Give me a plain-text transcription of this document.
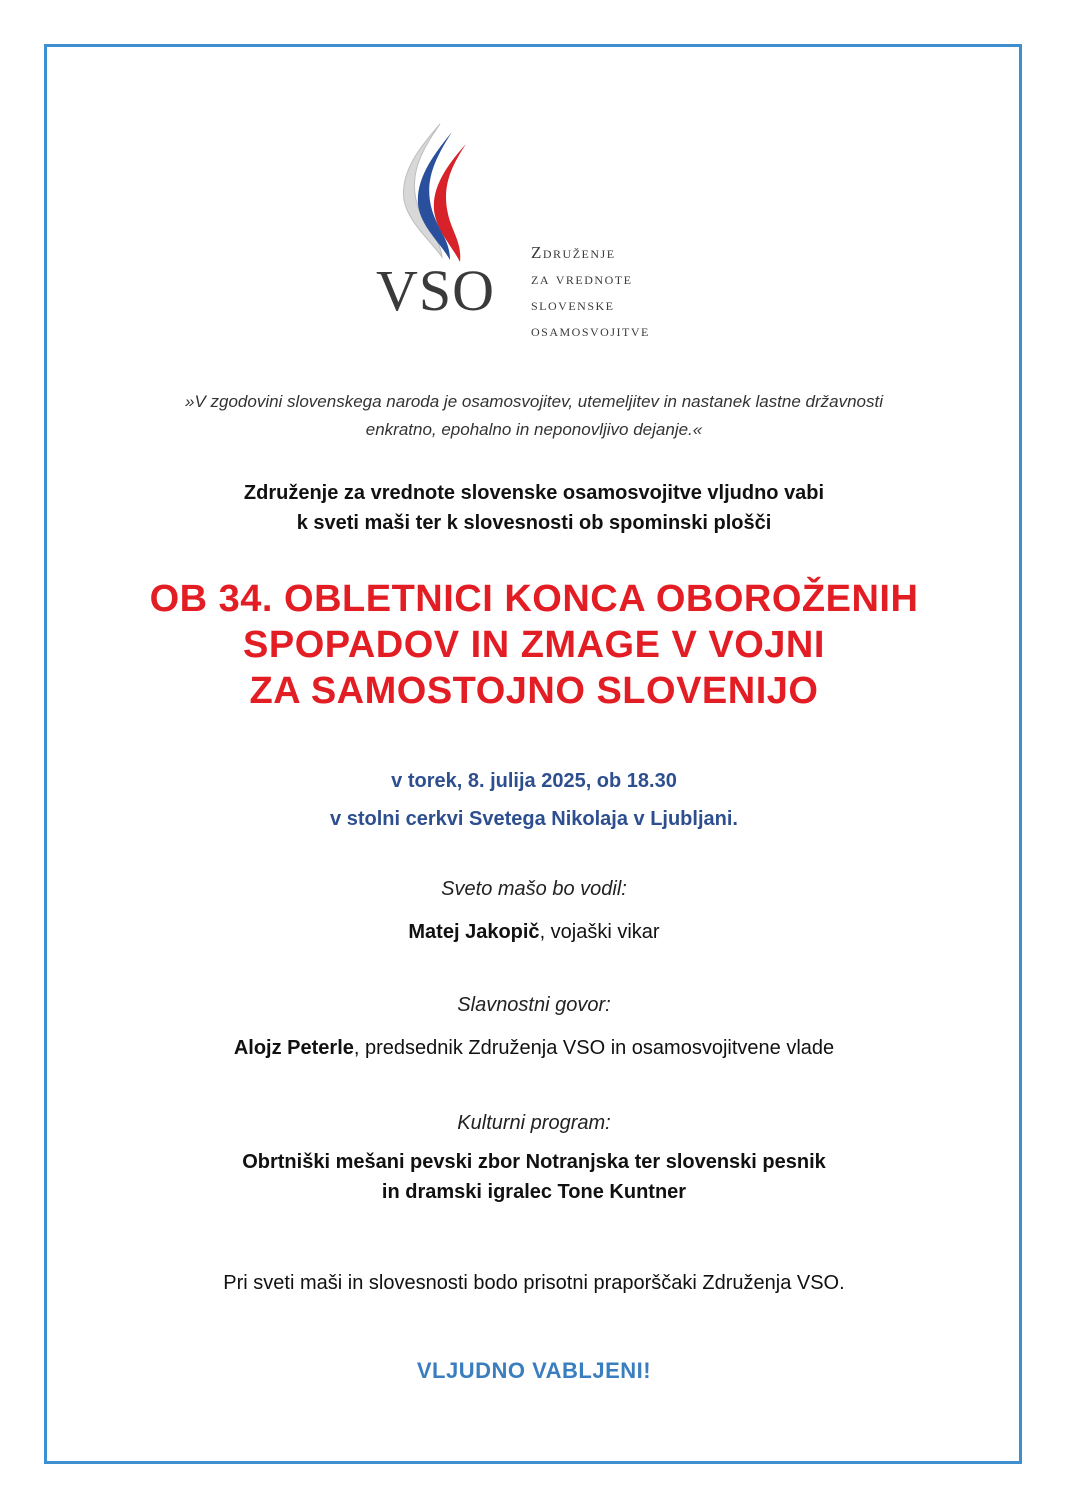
VSO
Združenje
za vrednote
slovenske
osamosvojitve
»V zgodovini slovenskega naroda je osamosvojitev, utemeljitev in nastanek lastne državnosti
enkratno, epohalno in neponovljivo dejanje.«
Združenje za vrednote slovenske osamosvojitve vljudno vabi
k sveti maši ter k slovesnosti ob spominski plošči
OB 34. OBLETNICI KONCA OBOROŽENIH
SPOPADOV IN ZMAGE V VOJNI
ZA SAMOSTOJNO SLOVENIJO
v torek, 8. julija 2025, ob 18.30
v stolni cerkvi Svetega Nikolaja v Ljubljani.
Sveto mašo bo vodil:
Matej Jakopič, vojaški vikar
Slavnostni govor:
Alojz Peterle, predsednik Združenja VSO in osamosvojitvene vlade
Kulturni program:
Obrtniški mešani pevski zbor Notranjska ter slovenski pesnik
in dramski igralec Tone Kuntner
Pri sveti maši in slovesnosti bodo prisotni praporščaki Združenja VSO.
VLJUDNO VABLJENI!
